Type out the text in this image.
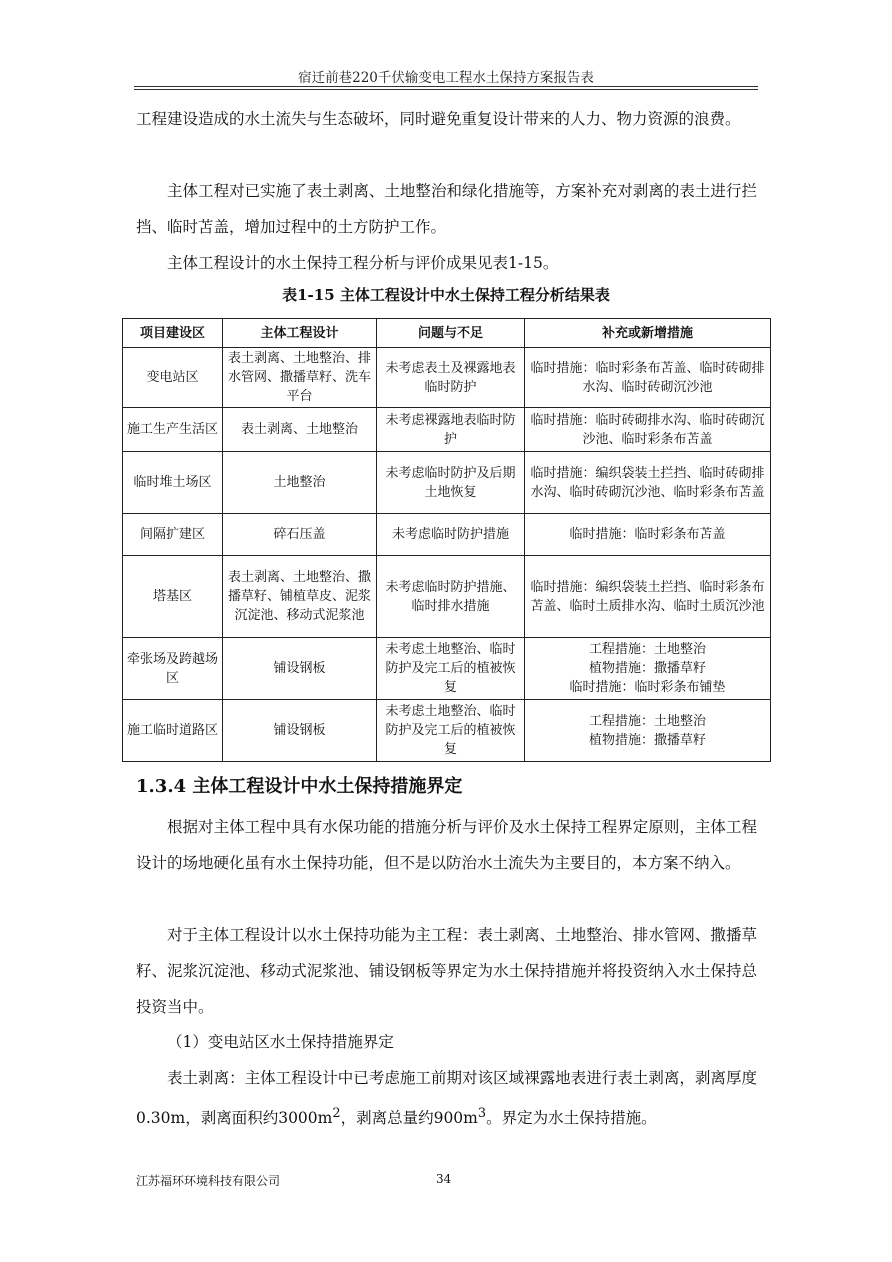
宿迁前巷220千伏输变电工程水土保持方案报告表

工程建设造成的水土流失与生态破坏，同时避免重复设计带来的人力、物力资源的浪费。

主体工程对已实施了表土剥离、土地整治和绿化措施等，方案补充对剥离的表土进行拦挡、临时苫盖，增加过程中的土方防护工作。

主体工程设计的水土保持工程分析与评价成果见表1-15。

表1-15 主体工程设计中水土保持工程分析结果表
项目建设区	主体工程设计	问题与不足	补充或新增措施
变电站区	表土剥离、土地整治、排水管网、撒播草籽、洗车平台	未考虑表土及裸露地表临时防护	临时措施：临时彩条布苫盖、临时砖砌排水沟、临时砖砌沉沙池
施工生产生活区	表土剥离、土地整治	未考虑裸露地表临时防护	临时措施：临时砖砌排水沟、临时砖砌沉沙池、临时彩条布苫盖
临时堆土场区	土地整治	未考虑临时防护及后期土地恢复	临时措施：编织袋装土拦挡、临时砖砌排水沟、临时砖砌沉沙池、临时彩条布苫盖
间隔扩建区	碎石压盖	未考虑临时防护措施	临时措施：临时彩条布苫盖
塔基区	表土剥离、土地整治、撒播草籽、铺植草皮、泥浆沉淀池、移动式泥浆池	未考虑临时防护措施、临时排水措施	临时措施：编织袋装土拦挡、临时彩条布苫盖、临时土质排水沟、临时土质沉沙池
牵张场及跨越场区	铺设钢板	未考虑土地整治、临时防护及完工后的植被恢复	工程措施：土地整治
植物措施：撒播草籽
临时措施：临时彩条布铺垫
施工临时道路区	铺设钢板	未考虑土地整治、临时防护及完工后的植被恢复	工程措施：土地整治
植物措施：撒播草籽
1.3.4 主体工程设计中水土保持措施界定

根据对主体工程中具有水保功能的措施分析与评价及水土保持工程界定原则，主体工程设计的场地硬化虽有水土保持功能，但不是以防治水土流失为主要目的，本方案不纳入。

对于主体工程设计以水土保持功能为主工程：表土剥离、土地整治、排水管网、撒播草籽、泥浆沉淀池、移动式泥浆池、铺设钢板等界定为水土保持措施并将投资纳入水土保持总投资当中。

（1）变电站区水土保持措施界定

表土剥离：主体工程设计中已考虑施工前期对该区域裸露地表进行表土剥离，剥离厚度0.30m，剥离面积约$3000m^2$，剥离总量约$900m^3$。界定为水土保持措施。

江苏福环环境科技有限公司	34
